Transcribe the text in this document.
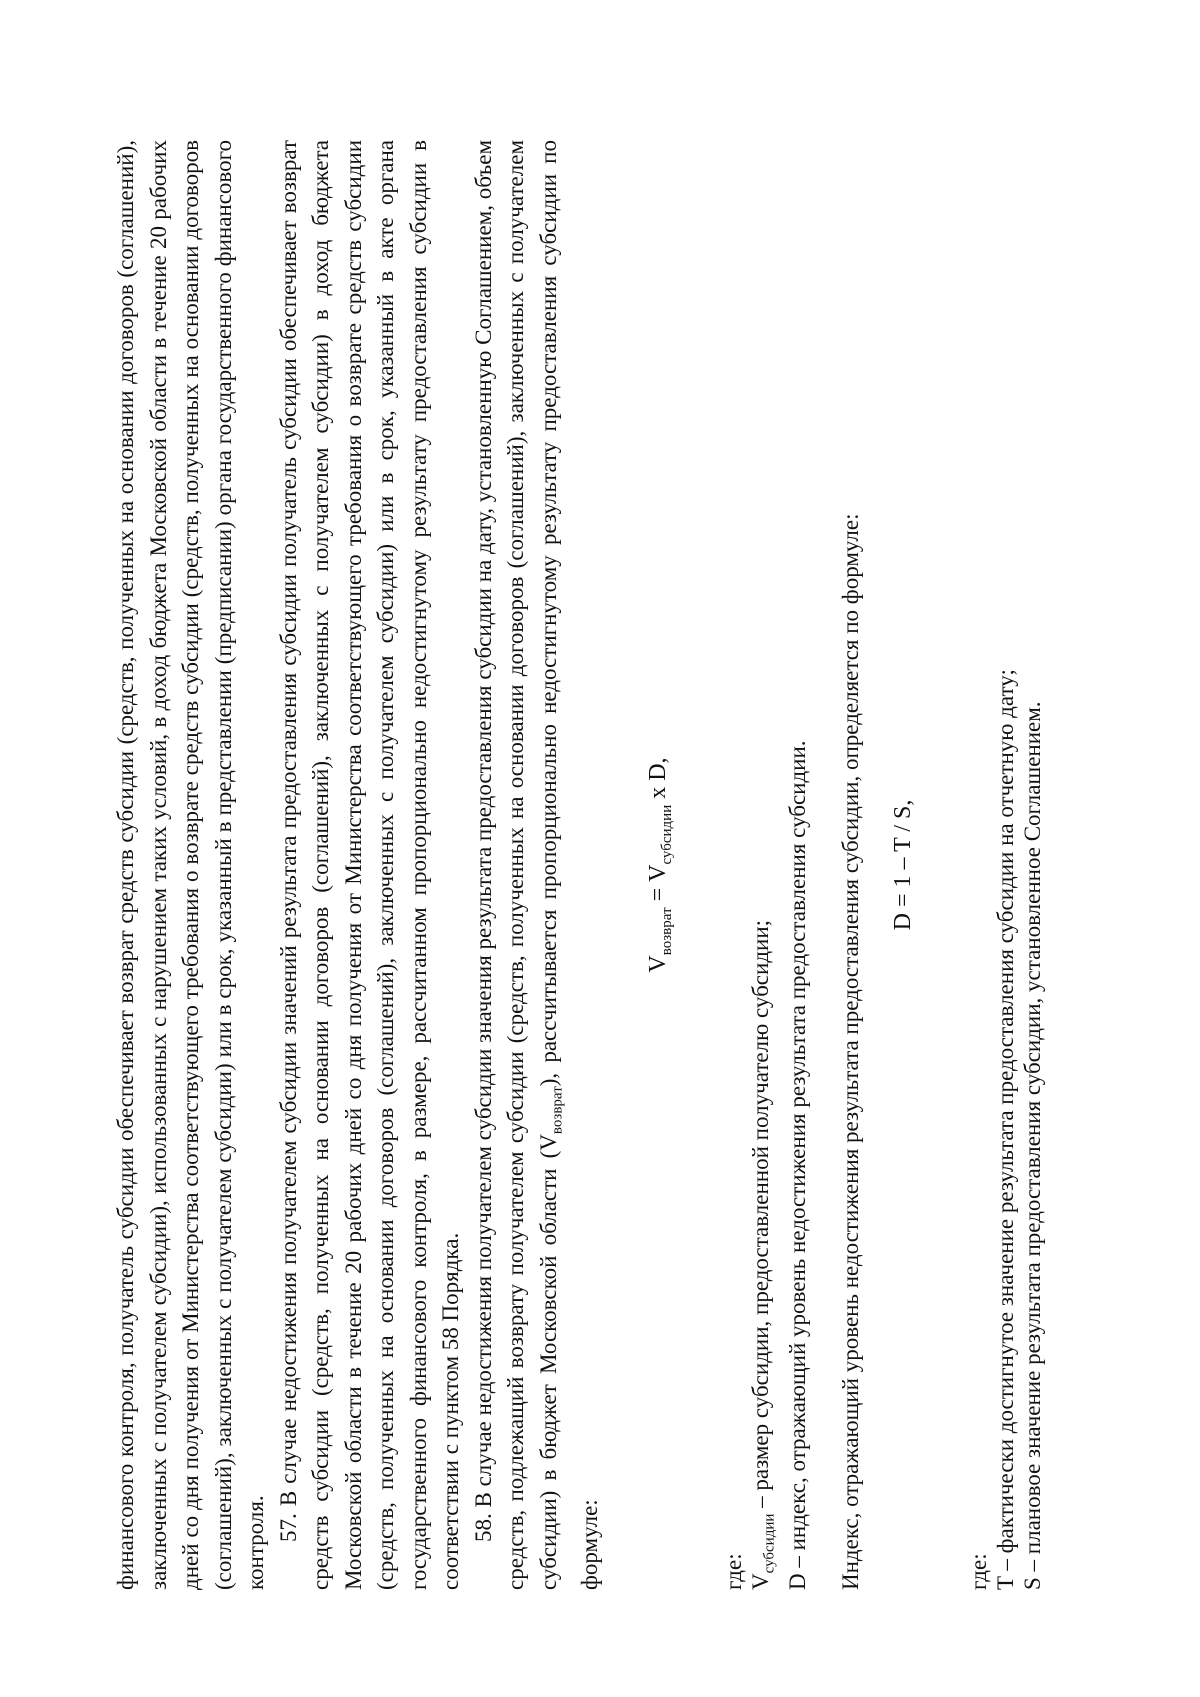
финансового контроля, получатель субсидии обеспечивает возврат средств субсидии (средств, полученных на основании договоров (соглашений), заключенных с получателем субсидии), использованных с нарушением таких условий, в доход бюджета Московской области в течение 20 рабочих дней со дня получения от Министерства соответствующего требования о возврате средств субсидии (средств, полученных на основании договоров (соглашений), заключенных с получателем субсидии) или в срок, указанный в представлении (предписании) органа государственного финансового контроля.

57. В случае недостижения получателем субсидии значений результата предоставления субсидии получатель субсидии обеспечивает возврат средств субсидии (средств, полученных на основании договоров (соглашений), заключенных с получателем субсидии) в доход бюджета Московской области в течение 20 рабочих дней со дня получения от Министерства соответствующего требования о возврате средств субсидии (средств, полученных на основании договоров (соглашений), заключенных с получателем субсидии) или в срок, указанный в акте органа государственного финансового контроля, в размере, рассчитанном пропорционально недостигнутому результату предоставления субсидии в соответствии с пунктом 58 Порядка. 58. В случае недостижения получателем субсидии значения результата предоставления субсидии на дату, установленную Соглашением, объем средств, подлежащий возврату получателем субсидии (средств, полученных на основании договоров (соглашений), заключенных с получателем субсидии) в бюджет Московской области $(V_{возврат})$, рассчитывается пропорционально недостигнутому результату предоставления субсидии по формуле:

$V_{возврат} = V_{субсидии}$ x D,

где: $V_{субсидии}$ – размер субсидии, предоставленной получателю субсидии; D – индекс, отражающий уровень недостижения результата предоставления субсидии. Индекс, отражающий уровень недостижения результата предоставления субсидии, определяется по формуле: D = 1 – T / S,

где: T – фактически достигнутое значение результата предоставления субсидии на отчетную дату; S – плановое значение результата предоставления субсидии, установленное Соглашением.
